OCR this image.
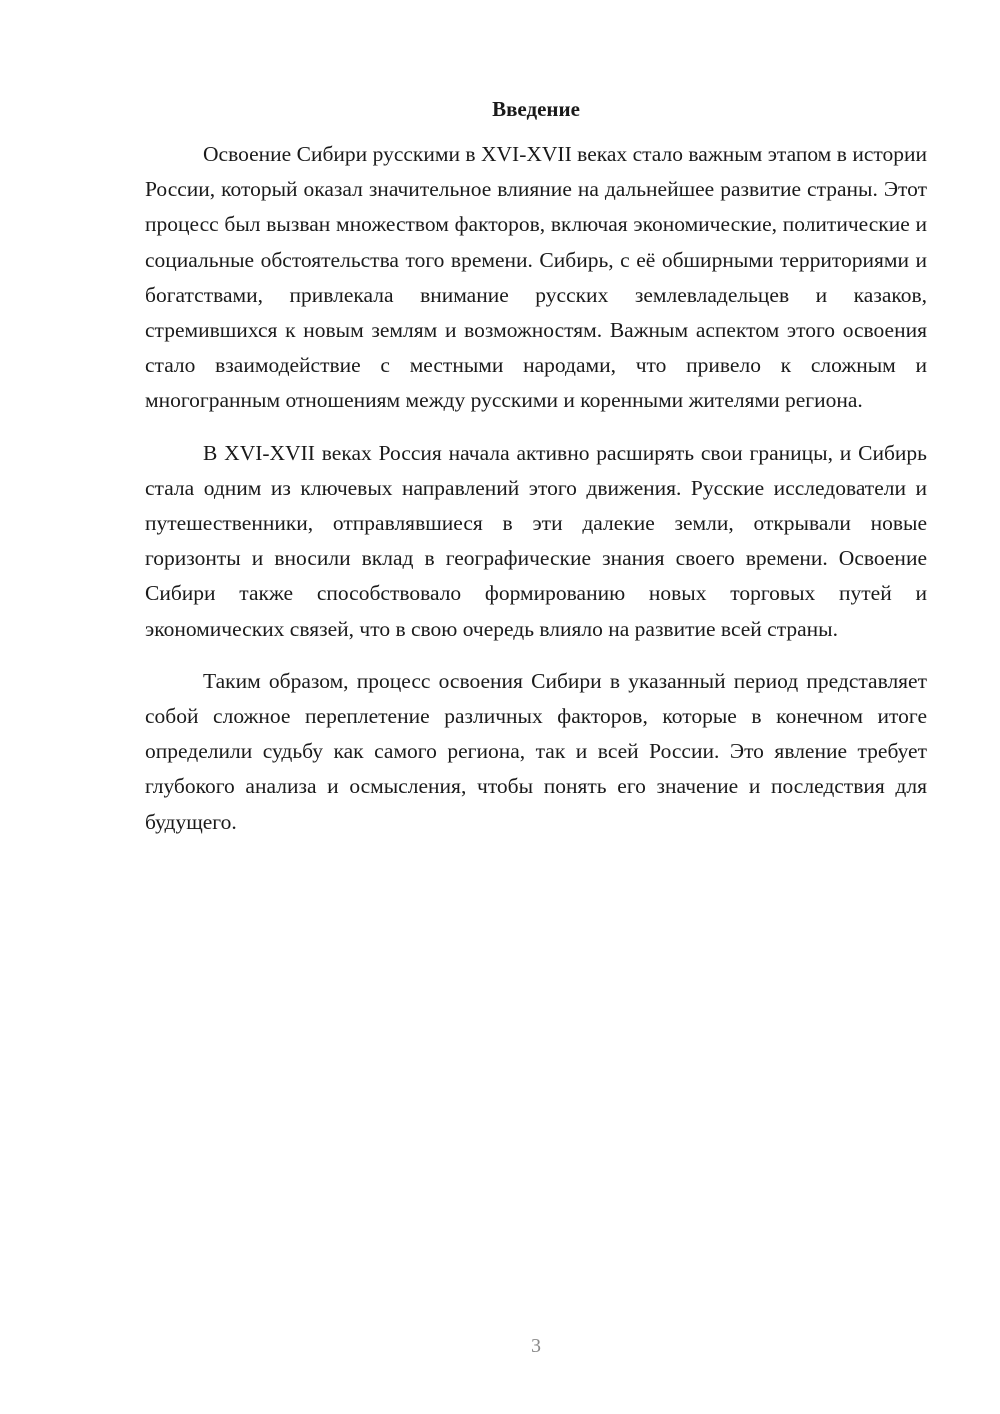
Введение

Освоение Сибири русскими в XVI-XVII веках стало важным этапом в истории России, который оказал значительное влияние на дальнейшее развитие страны. Этот процесс был вызван множеством факторов, включая экономические, политические и социальные обстоятельства того времени. Сибирь, с её обширными территориями и богатствами, привлекала внимание русских землевладельцев и казаков, стремившихся к новым землям и возможностям. Важным аспектом этого освоения стало взаимодействие с местными народами, что привело к сложным и многогранным отношениям между русскими и коренными жителями региона.

В XVI-XVII веках Россия начала активно расширять свои границы, и Сибирь стала одним из ключевых направлений этого движения. Русские исследователи и путешественники, отправлявшиеся в эти далекие земли, открывали новые горизонты и вносили вклад в географические знания своего времени. Освоение Сибири также способствовало формированию новых торговых путей и экономических связей, что в свою очередь влияло на развитие всей страны.

Таким образом, процесс освоения Сибири в указанный период представляет собой сложное переплетение различных факторов, которые в конечном итоге определили судьбу как самого региона, так и всей России. Это явление требует глубокого анализа и осмысления, чтобы понять его значение и последствия для будущего.

3
